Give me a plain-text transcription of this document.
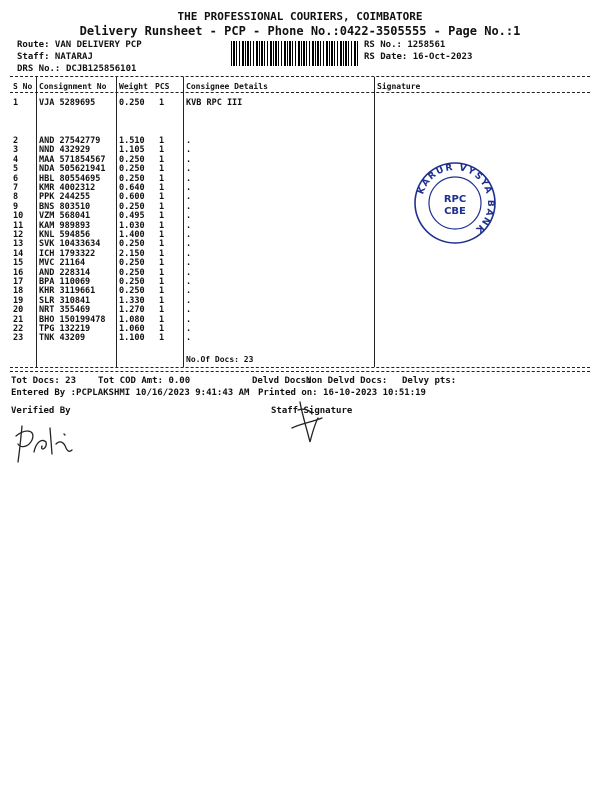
THE PROFESSIONAL COURIERS, COIMBATORE
Delivery Runsheet - PCP - Phone No.:0422-3505555 - Page No.:1
Route: VAN DELIVERY PCP
Staff: NATARAJ
DRS No.: DCJB125856101
RS No.: 1258561
RS Date: 16-Oct-2023
S No Consignment No Weight PCS Consignee Details	Signature
1 VJA 5289695	0.250 1	KVB RPC III
2 AND 27542779 1.510 1	.
3 NND 432929	1.105 1	.
4 MAA 571854567 0.250 1	.
5 NDA 505621941 0.250 1	.
6 HBL 80554695 0.250 1	.
7 KMR 4002312	0.640 1	.
8 PPK 244255	0.600 1	.
9 BNS 803510	0.250 1	.
10 VZM 568041	0.495 1	.
11 KAM 989893	1.030 1	.
12 KNL 594856	1.400 1	.
13 SVK 10433634 0.250 1	.
14 ICH 1793322	2.150 1	.
15 MVC 21164	0.250 1	.
16 AND 228314	0.250 1	.
17 BPA 110069	0.250 1	.
18 KHR 3119661	0.250 1	.
19 SLR 310841	1.330 1	.
20 NRT 355469	1.270 1	.
21 BHO 150199478 1.080 1	.
22 TPG 132219	1.060 1	.
23 TNK 43209	1.100 1	.
No.Of Docs: 23
KARUR VYSYA BANK
RPC
CBE
Tot Docs: 23 Tot COD Amt: 0.00	Delvd Docs:
Non Delvd Docs: Delvy pts:
Entered By :PCPLAKSHMI 10/16/2023 9:41:43 AM Printed on: 16-10-2023 10:51:19
Verified By	Staff Signature
